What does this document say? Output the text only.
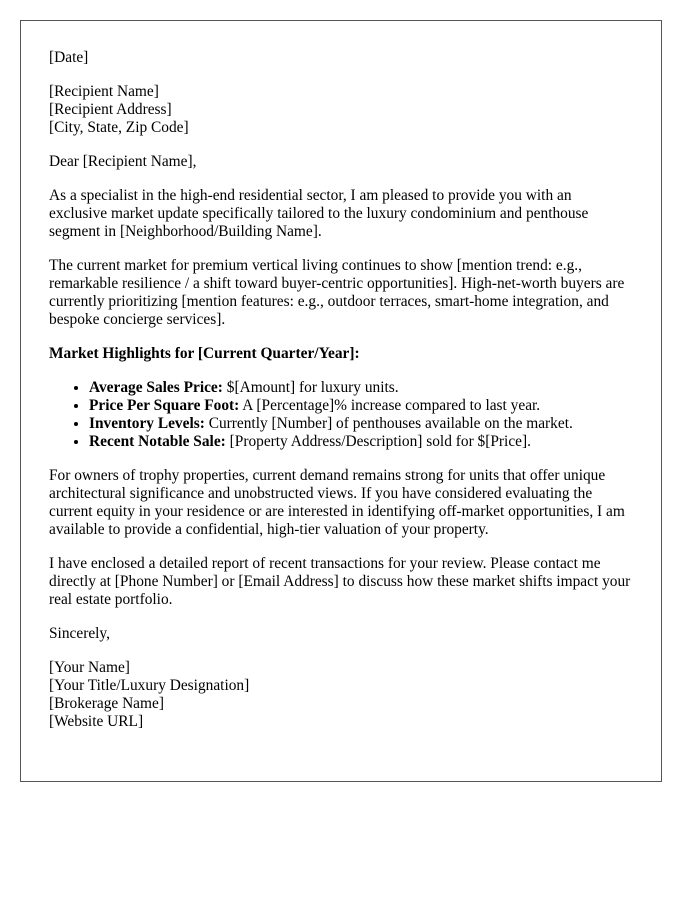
[Date]

[Recipient Name]
[Recipient Address]
[City, State, Zip Code]

Dear [Recipient Name],

As a specialist in the high-end residential sector, I am pleased to provide you with an exclusive market update specifically tailored to the luxury condominium and penthouse segment in [Neighborhood/Building Name].

The current market for premium vertical living continues to show [mention trend: e.g., remarkable resilience / a shift toward buyer-centric opportunities]. High-net-worth buyers are currently prioritizing [mention features: e.g., outdoor terraces, smart-home integration, and bespoke concierge services].

Market Highlights for [Current Quarter/Year]:

• Average Sales Price: $[Amount] for luxury units.
• Price Per Square Foot: A [Percentage]% increase compared to last year.
• Inventory Levels: Currently [Number] of penthouses available on the market.
• Recent Notable Sale: [Property Address/Description] sold for $[Price].

For owners of trophy properties, current demand remains strong for units that offer unique architectural significance and unobstructed views. If you have considered evaluating the current equity in your residence or are interested in identifying off-market opportunities, I am available to provide a confidential, high-tier valuation of your property.

I have enclosed a detailed report of recent transactions for your review. Please contact me directly at [Phone Number] or [Email Address] to discuss how these market shifts impact your real estate portfolio.

Sincerely,

[Your Name]
[Your Title/Luxury Designation]
[Brokerage Name]
[Website URL]
